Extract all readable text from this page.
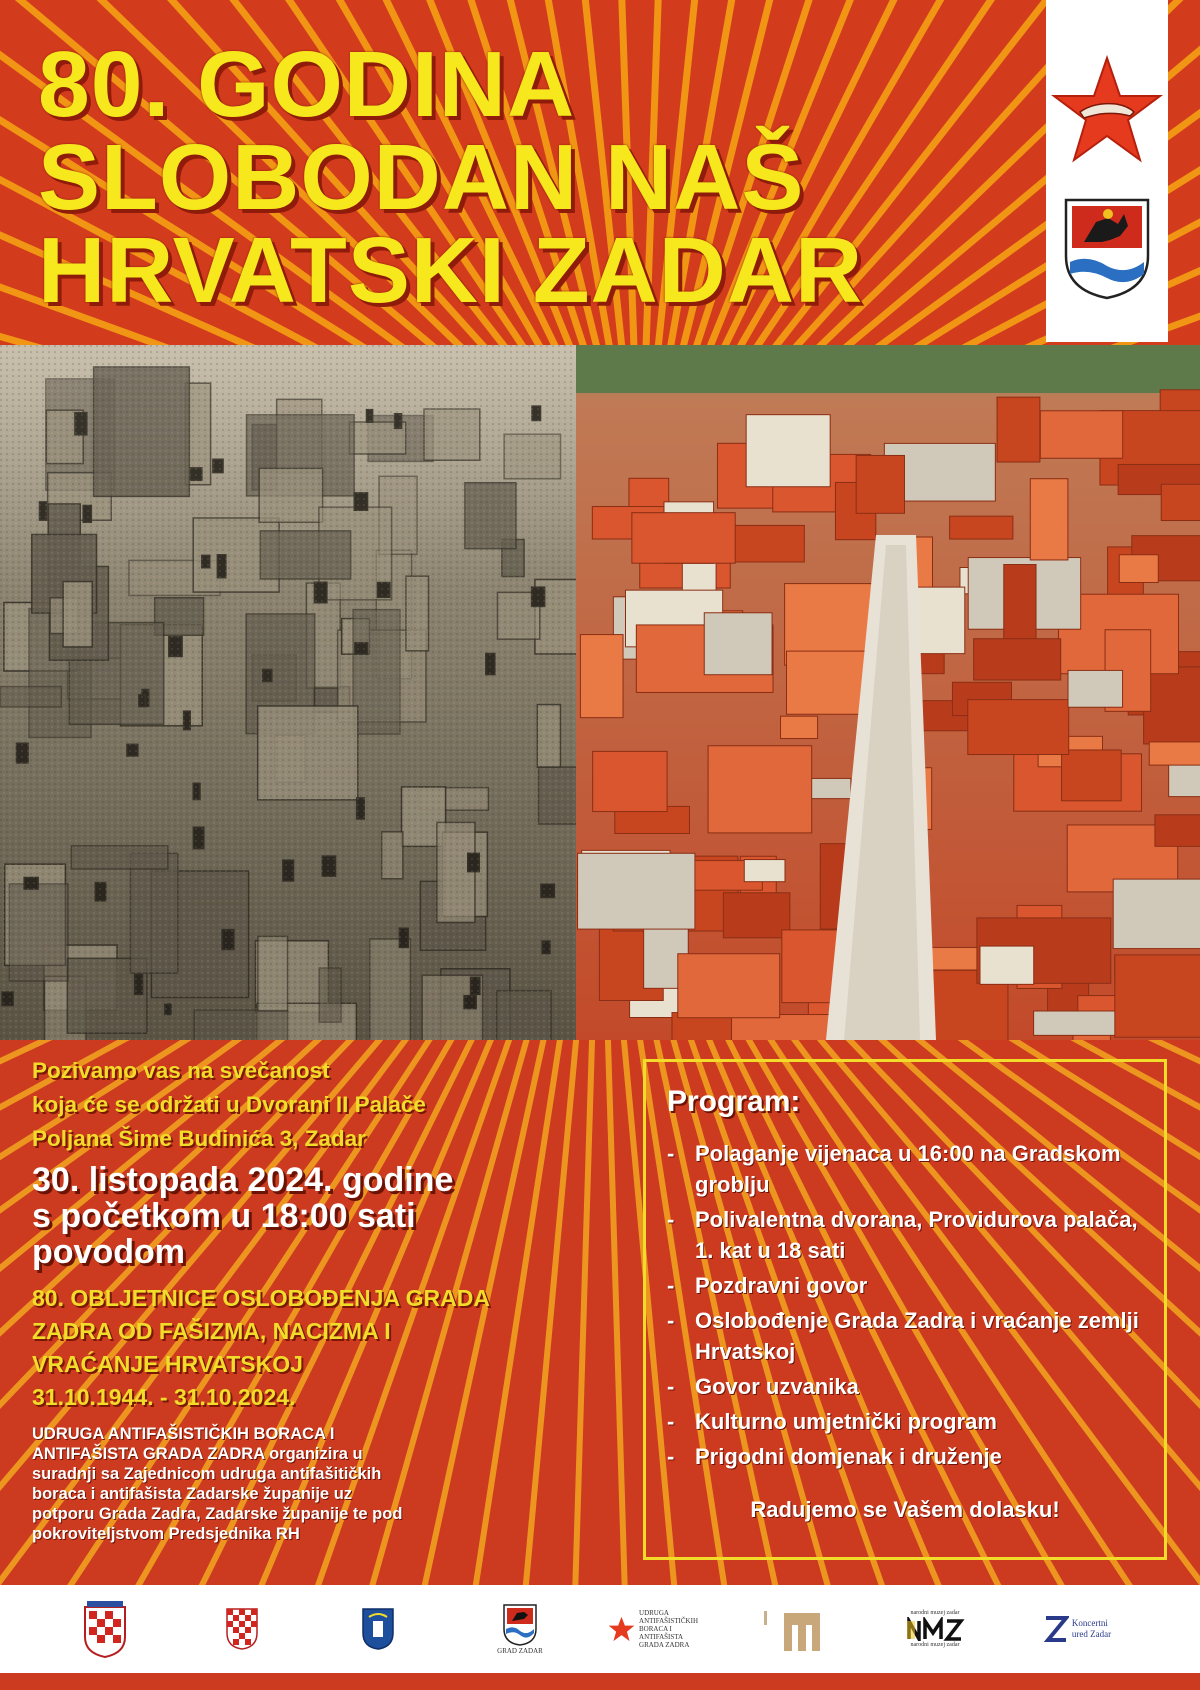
80. GODINA
SLOBODAN NAŠ
HRVATSKI ZADAR
Pozivamo vas na svečanost
koja će se održati u Dvorani II Palače
Poljana Šime Budinića 3, Zadar
30. listopada 2024. godine
s početkom u 18:00 sati
povodom
80. OBLJETNICE OSLOBOĐENJA GRADA
ZADRA OD FAŠIZMA, NACIZMA I
VRAĆANJE HRVATSKOJ
31.10.1944. - 31.10.2024.
UDRUGA ANTIFAŠISTIČKIH BORACA I
ANTIFAŠISTA GRADA ZADRA organizira u
suradnji sa Zajednicom udruga antifašitičkih
boraca i antifašista Zadarske županije uz
potporu Grada Zadra, Zadarske županije te pod
pokroviteljstvom Predsjednika RH
Program:
- Polaganje vijenaca u 16:00 na Gradskom groblju
- Polivalentna dvorana, Providurova palača, 1. kat u 18 sati
- Pozdravni govor
- Oslobođenje Grada Zadra i vraćanje zemlji Hrvatskoj
- Govor uzvanika
- Kulturno umjetnički program
- Prigodni domjenak i druženje
Radujemo se Vašem dolasku!
GRAD ZADAR
UDRUGA
ANTIFAŠISTIČKIH
BORACA I
ANTIFAŠISTA
GRADA ZADRA
narodni muzej zadar
narodni muzej zadar
Koncertni
ured Zadar
